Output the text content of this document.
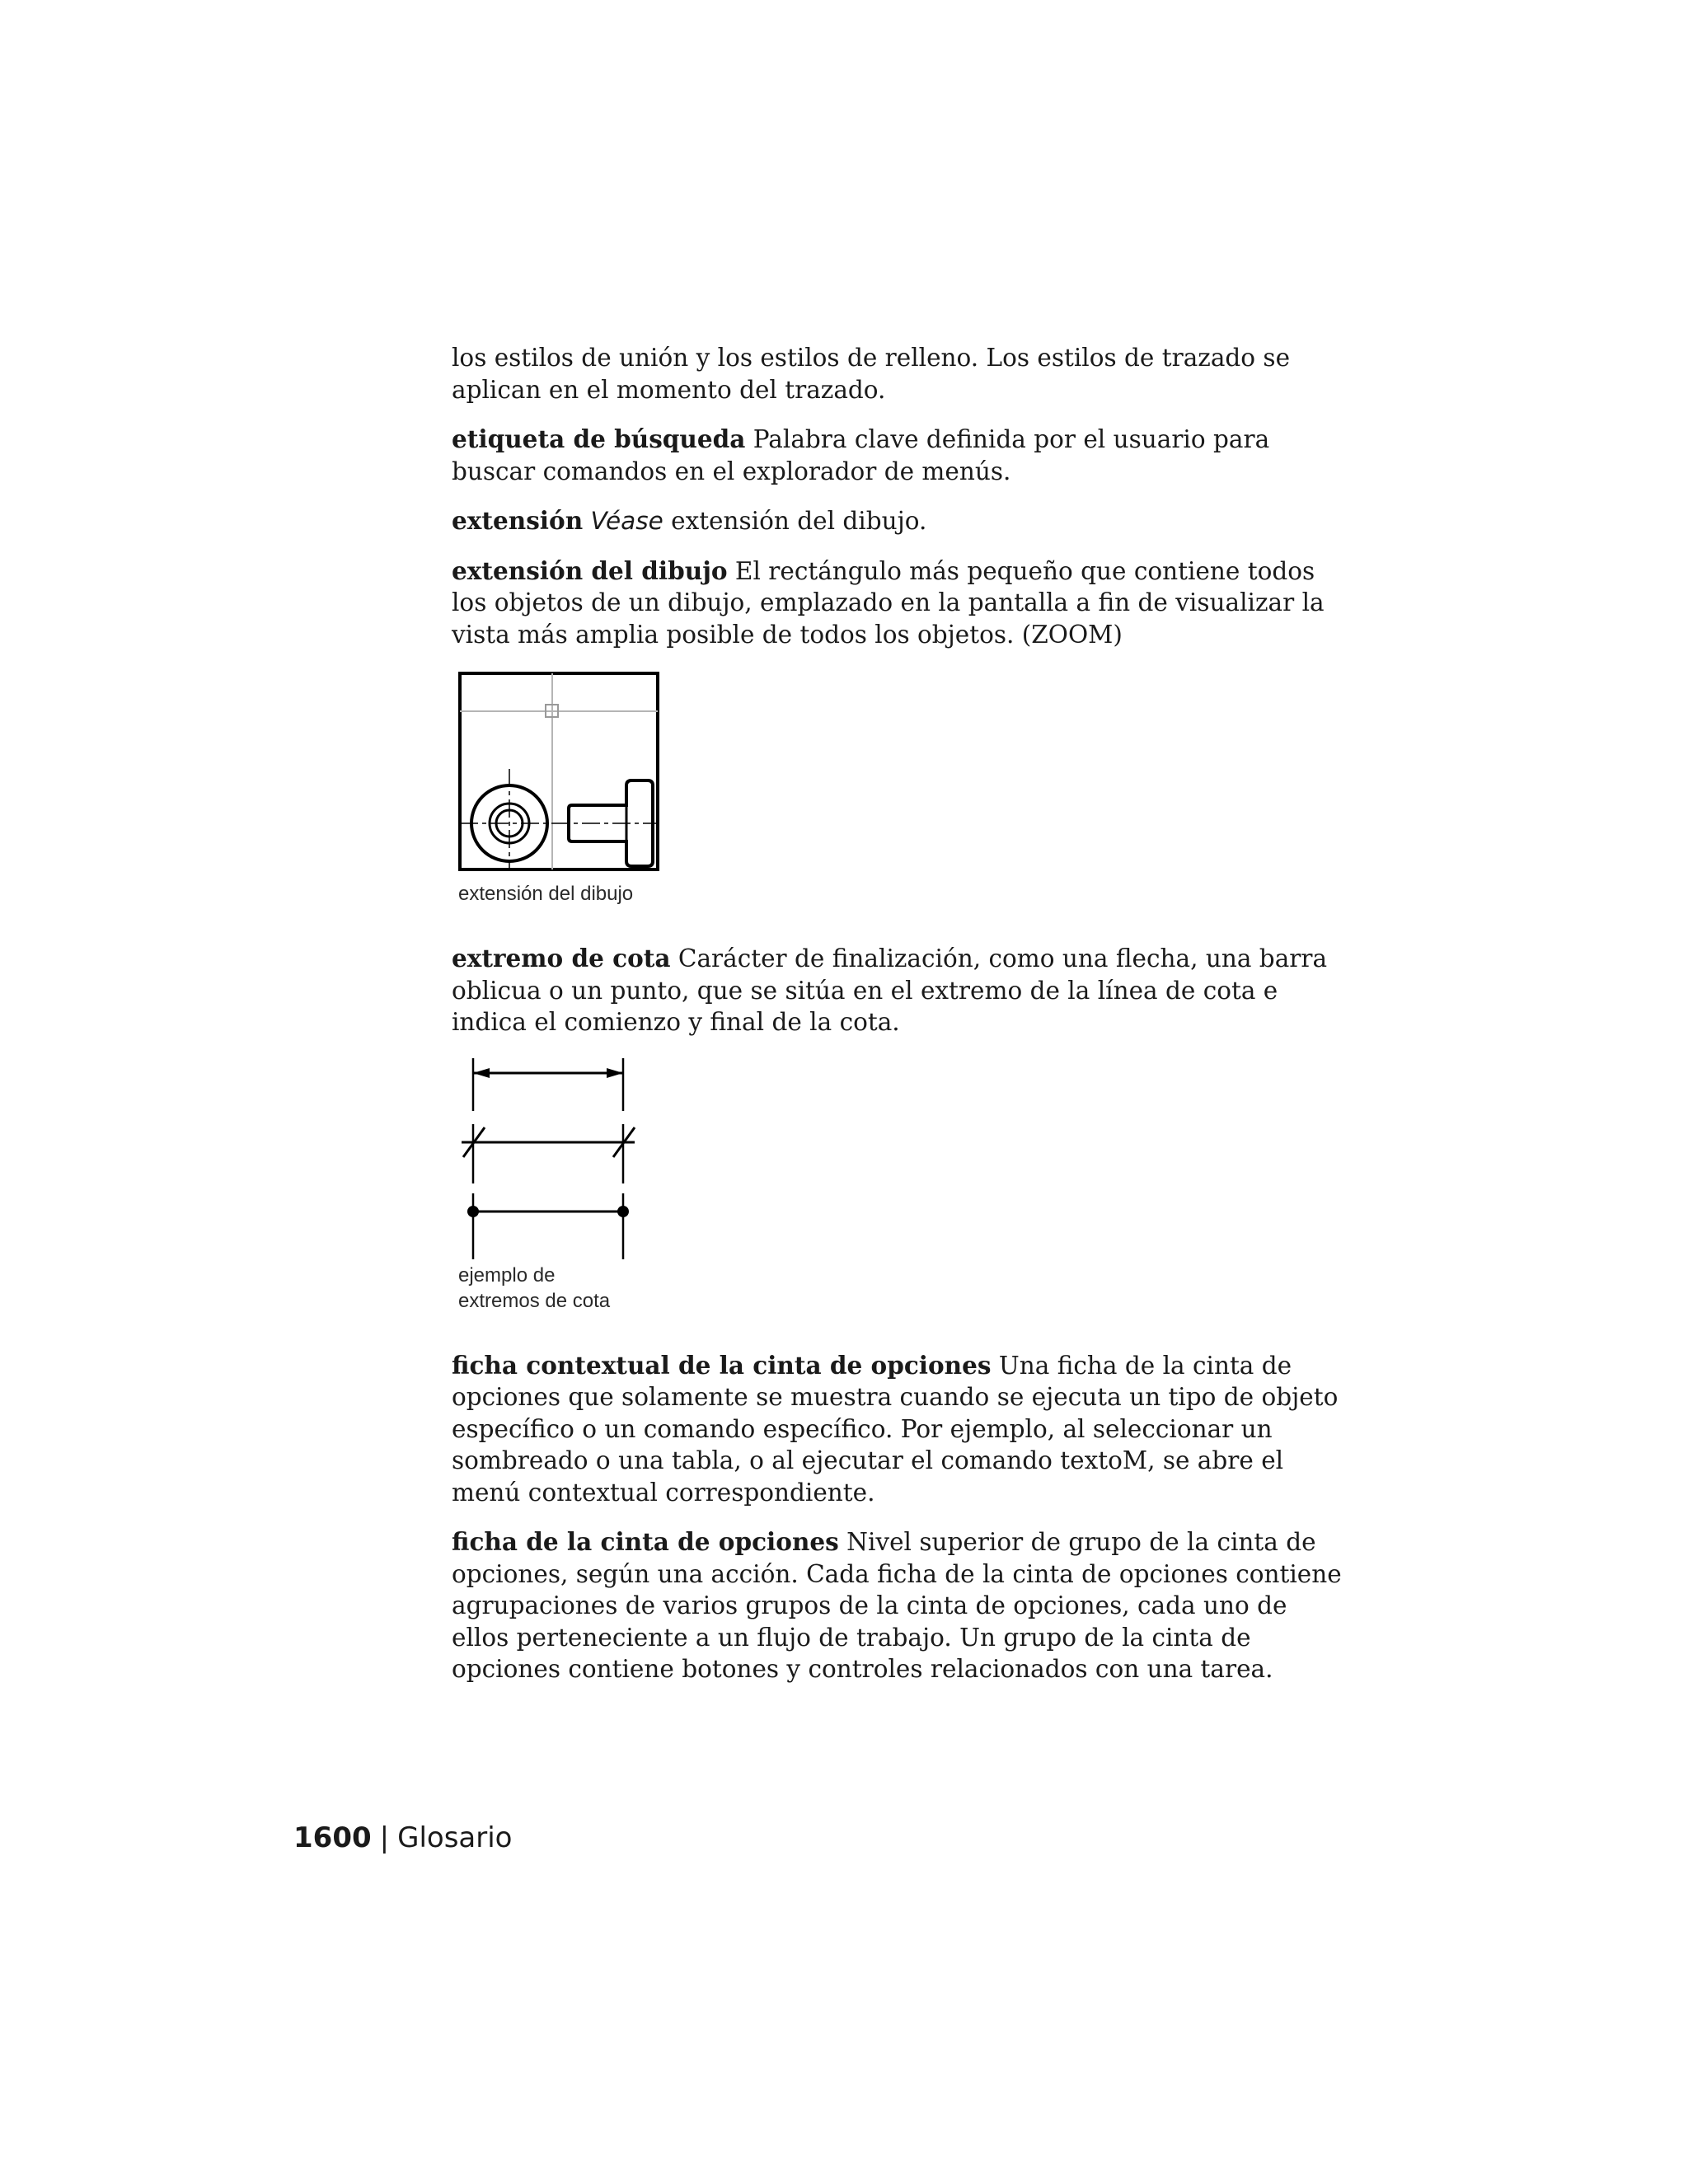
los estilos de unión y los estilos de relleno. Los estilos de trazado se aplican en el momento del trazado.

etiqueta de búsqueda Palabra clave definida por el usuario para buscar comandos en el explorador de menús.

extensión Véase extensión del dibujo.

extensión del dibujo El rectángulo más pequeño que contiene todos los objetos de un dibujo, emplazado en la pantalla a fin de visualizar la vista más amplia posible de todos los objetos. (ZOOM)

extensión del dibujo

extremo de cota Carácter de finalización, como una flecha, una barra oblicua o un punto, que se sitúa en el extremo de la línea de cota e indica el comienzo y final de la cota.

ejemplo de
extremos de cota

ficha contextual de la cinta de opciones Una ficha de la cinta de opciones que solamente se muestra cuando se ejecuta un tipo de objeto específico o un comando específico. Por ejemplo, al seleccionar un sombreado o una tabla, o al ejecutar el comando textoM, se abre el menú contextual correspondiente.

ficha de la cinta de opciones Nivel superior de grupo de la cinta de opciones, según una acción. Cada ficha de la cinta de opciones contiene agrupaciones de varios grupos de la cinta de opciones, cada uno de ellos perteneciente a un flujo de trabajo. Un grupo de la cinta de opciones contiene botones y controles relacionados con una tarea.

1600 | Glosario
